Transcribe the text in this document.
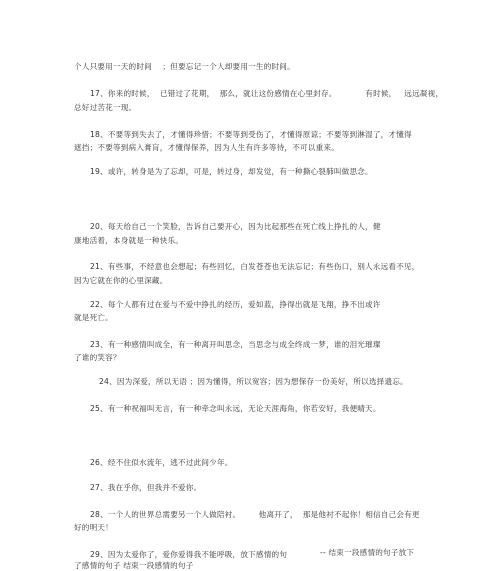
个人只要用一天的时间    ；但要忘记一个人却要用一生的时间。
17、你来的时候，  已错过了花期，  那么，就让这份感情在心里封存。           有时候，   远远凝视，
总好过苦花一现。
18、不要等到失去了，才懂得珍惜；不要等到受伤了，才懂得原谅；不要等到淋湿了，才懂得
遮挡；不要等到病入膏肓，才懂得保养，因为人生有许多等待，不可以重来。
19、或许，转身是为了忘却，可是，转过身，却发觉，有一种撕心裂肺叫做思念。
20、每天给自己一个笑脸，告诉自己要开心，因为比起那些在死亡线上挣扎的人，健
康地活着，本身就是一种快乐。
21、有些事，不经意也会想起；有些回忆，白发苍苍也无法忘记；有些伤口，别人永远看不见，
因为它就在你的心里深藏。
22、每个人都有过在爱与不爱中挣扎的经历，爱如蓝，挣得出就是飞翔，挣不出或许
就是死亡。
23、有一种感情叫成全，有一种离开叫思念，当思念与成全终成一梦，谁的泪光璀璨
了谁的笑容？
24、因为深爱，所以无语 ；因为懂得，所以宽容；因为想保存一份美好，所以选择遗忘。
25、有一种祝福叫无言，有一种牵念叫永远，无论天涯海角，你若安好，我便晴天。
26、经不住似水流年，逃不过此间少年。
27、我在乎你，但我并不爱你。
28、一个人的世界总需要另一个人做陪衬。       他离开了，  那是他衬不起你！相信自己会有更
好的明天！
29、因为太爱你了，爱你爱得我不能呼吸，放下感情的句	-- 结束一段感情的句子放下
了感情的句子 结束一段感情的句子
